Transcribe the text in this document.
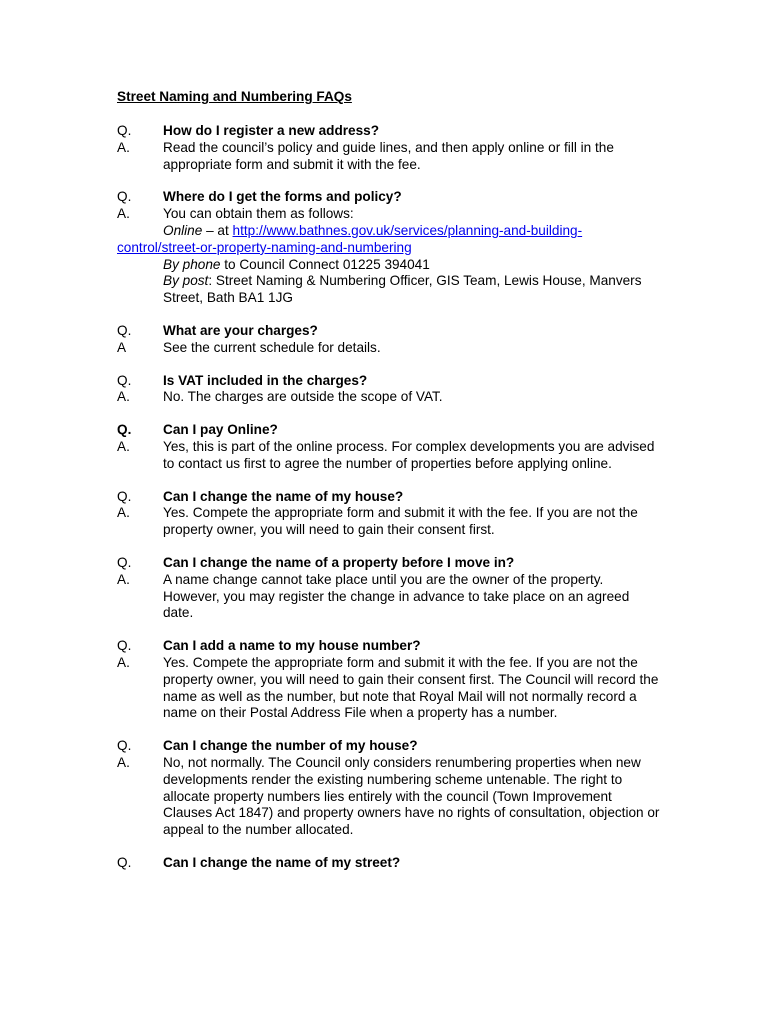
Street Naming and Numbering FAQs
Q.	How do I register a new address?
A.	Read the council’s policy and guide lines, and then apply online or fill in the appropriate form and submit it with the fee.
Q.	Where do I get the forms and policy?
A.	You can obtain them as follows:
Online – at http://www.bathnes.gov.uk/services/planning-and-building-
control/street-or-property-naming-and-numbering
By phone to Council Connect 01225 394041
By post: Street Naming & Numbering Officer, GIS Team, Lewis House, Manvers Street, Bath BA1 1JG
Q.	What are your charges?
A	See the current schedule for details.
Q.	Is VAT included in the charges?
A.	No. The charges are outside the scope of VAT.
Q.	Can I pay Online?
A.	Yes, this is part of the online process. For complex developments you are advised to contact us first to agree the number of properties before applying online.
Q.	Can I change the name of my house?
A.	Yes. Compete the appropriate form and submit it with the fee. If you are not the property owner, you will need to gain their consent first.
Q.	Can I change the name of a property before I move in?
A.	A name change cannot take place until you are the owner of the property. However, you may register the change in advance to take place on an agreed date.
Q.	Can I add a name to my house number?
A.	Yes. Compete the appropriate form and submit it with the fee. If you are not the property owner, you will need to gain their consent first. The Council will record the name as well as the number, but note that Royal Mail will not normally record a name on their Postal Address File when a property has a number.
Q.	Can I change the number of my house?
A.	No, not normally. The Council only considers renumbering properties when new developments render the existing numbering scheme untenable. The right to allocate property numbers lies entirely with the council (Town Improvement Clauses Act 1847) and property owners have no rights of consultation, objection or appeal to the number allocated.
Q.	Can I change the name of my street?
